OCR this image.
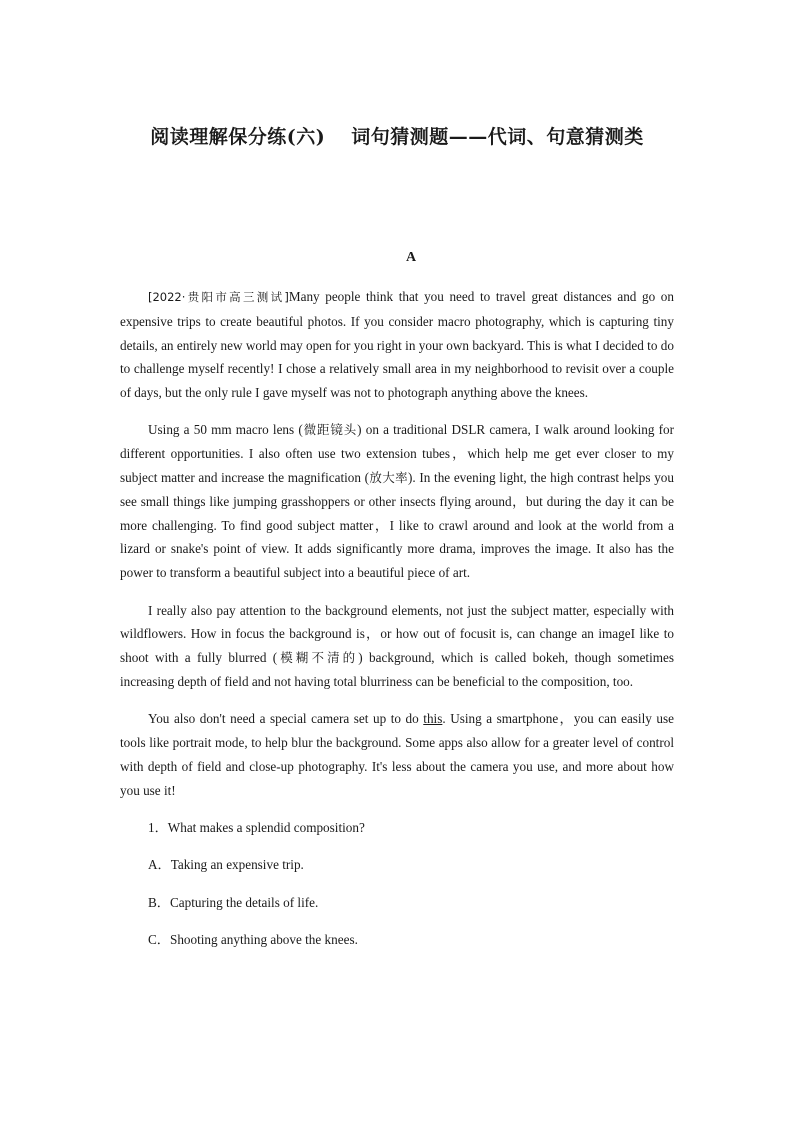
阅读理解保分练(六) 词句猜测题——代词、句意猜测类
A

[2022·贵阳市高三测试]Many people think that you need to travel great distances and go on expensive trips to create beautiful photos. If you consider macro photography, which is capturing tiny details, an entirely new world may open for you right in your own backyard. This is what I decided to do to challenge myself recently! I chose a relatively small area in my neighborhood to revisit over a couple of days, but the only rule I gave myself was not to photograph anything above the knees.

Using a 50 mm macro lens (微距镜头) on a traditional DSLR camera, I walk around looking for different opportunities. I also often use two extension tubes，which help me get ever closer to my subject matter and increase the magnification (放大率). In the evening light, the high contrast helps you see small things like jumping grasshoppers or other insects flying around，but during the day it can be more challenging. To find good subject matter，I like to crawl around and look at the world from a lizard or snake's point of view. It adds significantly more drama, improves the image. It also has the power to transform a beautiful subject into a beautiful piece of art.

I really also pay attention to the background elements, not just the subject matter, especially with wildflowers. How in focus the background is，or how out of focusit is, can change an imageI like to shoot with a fully blurred (模糊不清的) background, which is called bokeh, though sometimes increasing depth of field and not having total blurriness can be beneficial to the composition, too.

You also don't need a special camera set up to do this. Using a smartphone，you can easily use tools like portrait mode, to help blur the background. Some apps also allow for a greater level of control with depth of field and close-up photography. It's less about the camera you use, and more about how you use it!

1．What makes a splendid composition?

A．Taking an expensive trip.

B．Capturing the details of life.

C．Shooting anything above the knees.
